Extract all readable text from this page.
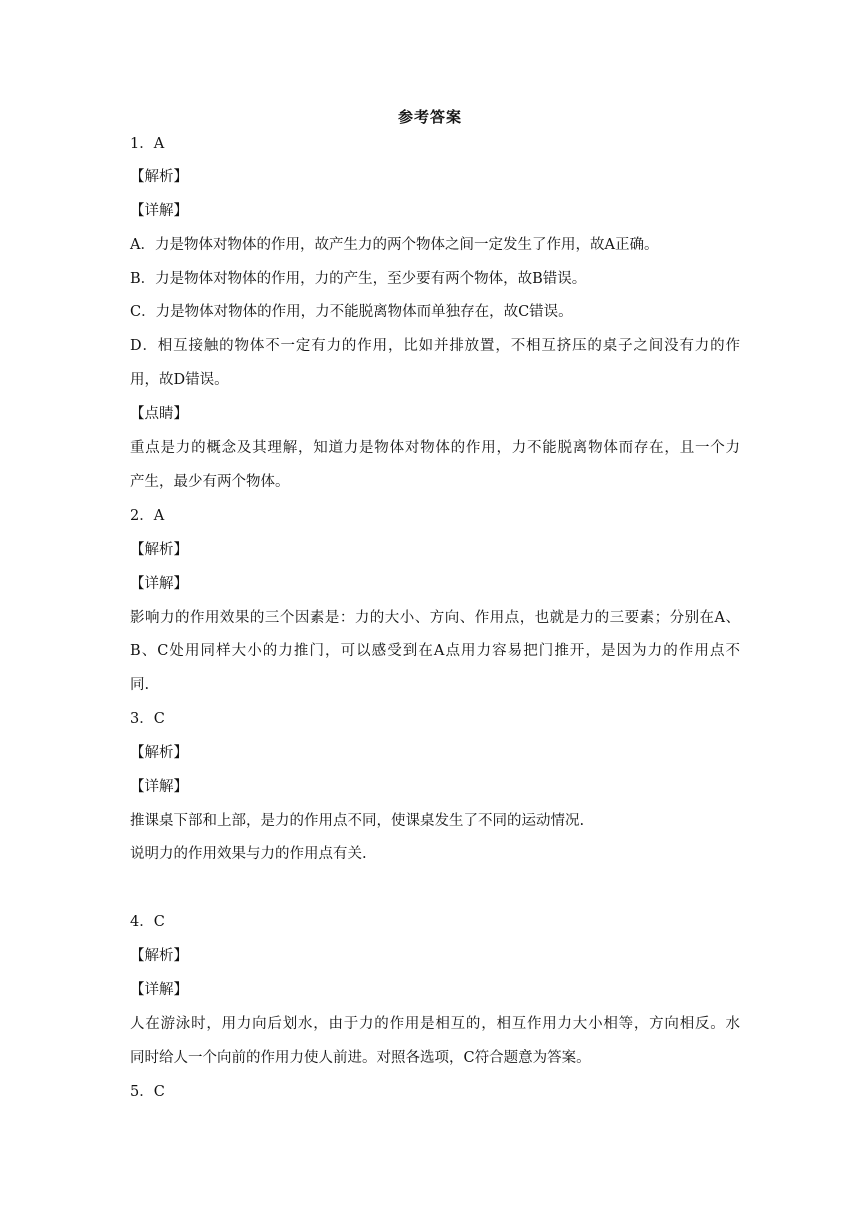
参考答案
1．A
【解析】
【详解】
A．力是物体对物体的作用，故产生力的两个物体之间一定发生了作用，故A正确。
B．力是物体对物体的作用，力的产生，至少要有两个物体，故B错误。
C．力是物体对物体的作用，力不能脱离物体而单独存在，故C错误。
D．相互接触的物体不一定有力的作用，比如并排放置，不相互挤压的桌子之间没有力的作
用，故D错误。
【点睛】
重点是力的概念及其理解，知道力是物体对物体的作用，力不能脱离物体而存在，且一个力
产生，最少有两个物体。
2．A
【解析】
【详解】
影响力的作用效果的三个因素是：力的大小、方向、作用点，也就是力的三要素；分别在A、
B、C处用同样大小的力推门，可以感受到在A点用力容易把门推开，是因为力的作用点不
同.
3．C
【解析】
【详解】
推课桌下部和上部，是力的作用点不同，使课桌发生了不同的运动情况.
说明力的作用效果与力的作用点有关.
4．C
【解析】
【详解】
人在游泳时，用力向后划水，由于力的作用是相互的，相互作用力大小相等，方向相反。水
同时给人一个向前的作用力使人前进。对照各选项，C符合题意为答案。
5．C
